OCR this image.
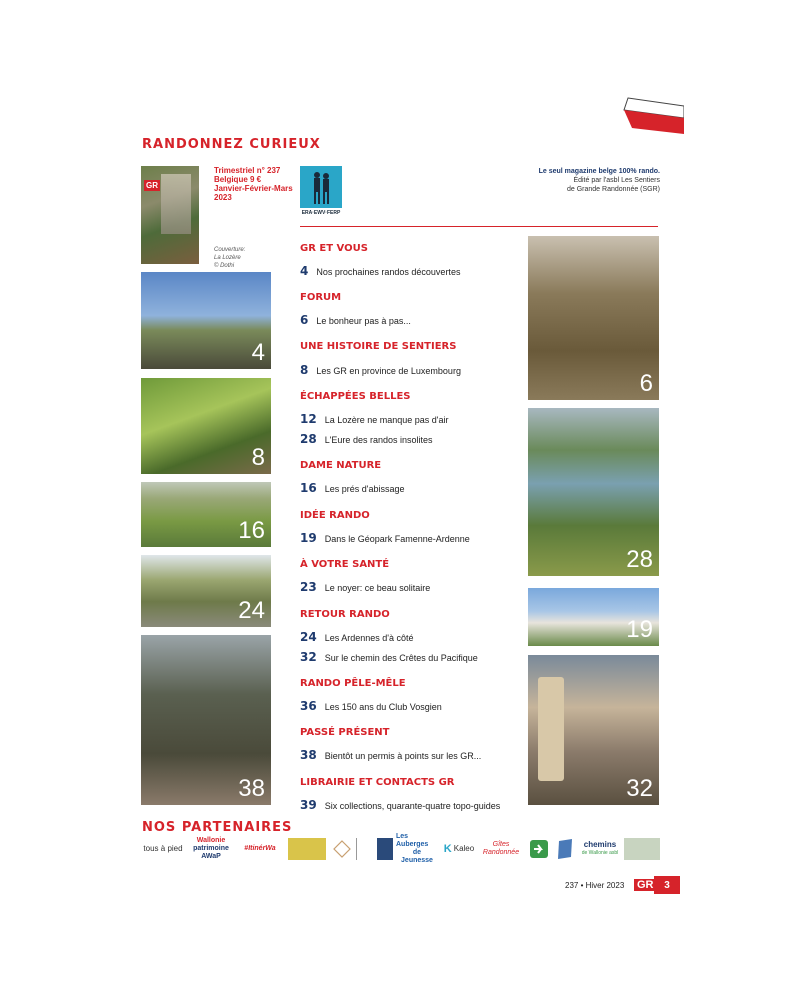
RANDONNEZ CURIEUX
GR
Trimestriel n° 237
Belgique 9 €
Janvier-Février-Mars
2023
ERA·EWV·FERP
Le seul magazine belge 100% rando.
Édité par l'asbl Les Sentiers
de Grande Randonnée (SGR)
Couverture:
La Lozère
© Dothi
4
8
16
24
38
6
28
19
32
GR ET VOUS
4 Nos prochaines randos découvertes
FORUM
6 Le bonheur pas à pas...
UNE HISTOIRE DE SENTIERS
8 Les GR en province de Luxembourg
ÉCHAPPÉES BELLES
12 La Lozère ne manque pas d'air
28 L'Eure des randos insolites
DAME NATURE
16 Les prés d'abissage
IDÉE RANDO
19 Dans le Géopark Famenne-Ardenne
À VOTRE SANTÉ
23 Le noyer: ce beau solitaire
RETOUR RANDO
24 Les Ardennes d'à côté
32 Sur le chemin des Crêtes du Pacifique
RANDO PÊLE-MÊLE
36 Les 150 ans du Club Vosgien
PASSÉ PRÉSENT
38 Bientôt un permis à points sur les GR...
LIBRAIRIE ET CONTACTS GR
39 Six collections, quarante-quatre topo-guides
NOS PARTENAIRES
tous à pied
Wallonie
patrimoine
AWaP
#ItinérWa
Les
Auberges
de Jeunesse
K Kaleo	Gîtes Randonnée
chemins
de Wallonie asbl
237 • Hiver 2023 GR	3
